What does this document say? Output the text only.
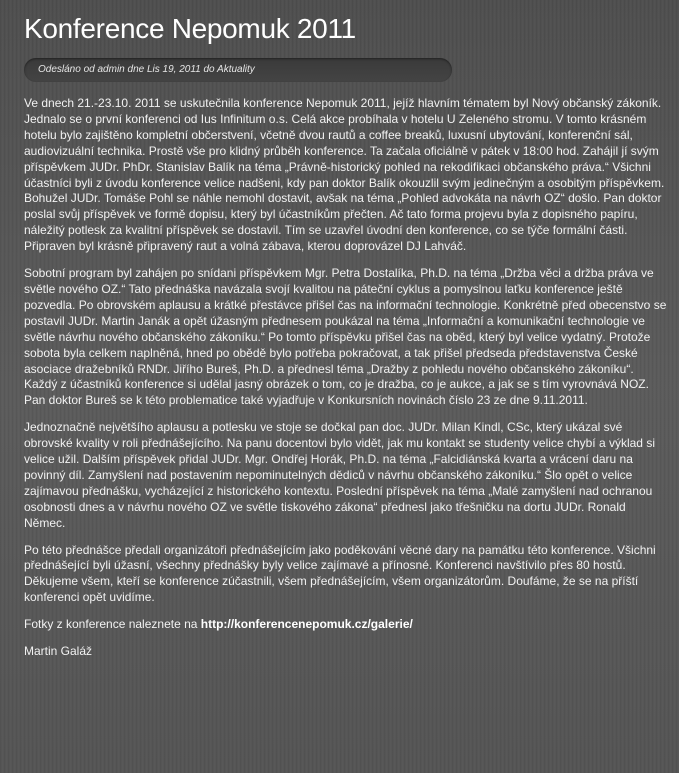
Konference Nepomuk 2011
Odesláno od admin dne Lis 19, 2011 do Aktuality

Ve dnech 21.-23.10. 2011 se uskutečnila konference Nepomuk 2011, jejíž hlavním tématem byl Nový občanský zákoník. Jednalo se o první konferenci od Ius Infinitum o.s. Celá akce probíhala v hotelu U Zeleného stromu. V tomto krásném hotelu bylo zajištěno kompletní občerstvení, včetně dvou rautů a coffee breaků, luxusní ubytování, konferenční sál, audiovizuální technika. Prostě vše pro klidný průběh konference. Ta začala oficiálně v pátek v 18:00 hod. Zahájil jí svým příspěvkem JUDr. PhDr. Stanislav Balík na téma „Právně-historický pohled na rekodifikaci občanského práva.“ Všichni účastníci byli z úvodu konference velice nadšeni, kdy pan doktor Balík okouzlil svým jedinečným a osobitým příspěvkem. Bohužel JUDr. Tomáše Pohl se náhle nemohl dostavit, avšak na téma „Pohled advokáta na návrh OZ“ došlo. Pan doktor poslal svůj příspěvek ve formě dopisu, který byl účastníkům přečten. Ač tato forma projevu byla z dopisného papíru, náležitý potlesk za kvalitní příspěvek se dostavil. Tím se uzavřel úvodní den konference, co se týče formální části. Připraven byl krásně připravený raut a volná zábava, kterou doprovázel DJ Lahváč.

Sobotní program byl zahájen po snídani příspěvkem Mgr. Petra Dostalíka, Ph.D. na téma „Držba věci a držba práva ve světle nového OZ.“ Tato přednáška navázala svojí kvalitou na páteční cyklus a pomyslnou laťku konference ještě pozvedla. Po obrovském aplausu a krátké přestávce přišel čas na informační technologie. Konkrétně před obecenstvo se postavil JUDr. Martin Janák a opět úžasným přednesem poukázal na téma „Informační a komunikační technologie ve světle návrhu nového občanského zákoníku.“ Po tomto příspěvku přišel čas na oběd, který byl velice vydatný. Protože sobota byla celkem naplněná, hned po obědě bylo potřeba pokračovat, a tak přišel předseda představenstva České asociace dražebníků RNDr. Jiřího Bureš, Ph.D. a přednesl téma „Dražby z pohledu nového občanského zákoníku“. Každý z účastníků konference si udělal jasný obrázek o tom, co je dražba, co je aukce, a jak se s tím vyrovnává NOZ. Pan doktor Bureš se k této problematice také vyjadřuje v Konkursních novinách číslo 23 ze dne 9.11.2011.

Jednoznačně největšího aplausu a potlesku ve stoje se dočkal pan doc. JUDr. Milan Kindl, CSc, který ukázal své obrovské kvality v roli přednášejícího. Na panu docentovi bylo vidět, jak mu kontakt se studenty velice chybí a výklad si velice užil. Dalším příspěvek přidal JUDr. Mgr. Ondřej Horák, Ph.D. na téma „Falcidiánská kvarta a vrácení daru na povinný díl. Zamyšlení nad postavením nepominutelných dědiců v návrhu občanského zákoníku.“ Šlo opět o velice zajímavou přednášku, vycházející z historického kontextu. Poslední příspěvek na téma „Malé zamyšlení nad ochranou osobnosti dnes a v návrhu nového OZ ve světle tiskového zákona“ přednesl jako třešničku na dortu JUDr. Ronald Němec.

Po této přednášce předali organizátoři přednášejícím jako poděkování věcné dary na památku této konference. Všichni přednášející byli úžasní, všechny přednášky byly velice zajímavé a přínosné. Konferenci navštívilo přes 80 hostů. Děkujeme všem, kteří se konference zúčastnili, všem přednášejícím, všem organizátorům. Doufáme, že se na příští konferenci opět uvidíme.

Fotky z konference naleznete na http://konferencenepomuk.cz/galerie/

Martin Galáž
